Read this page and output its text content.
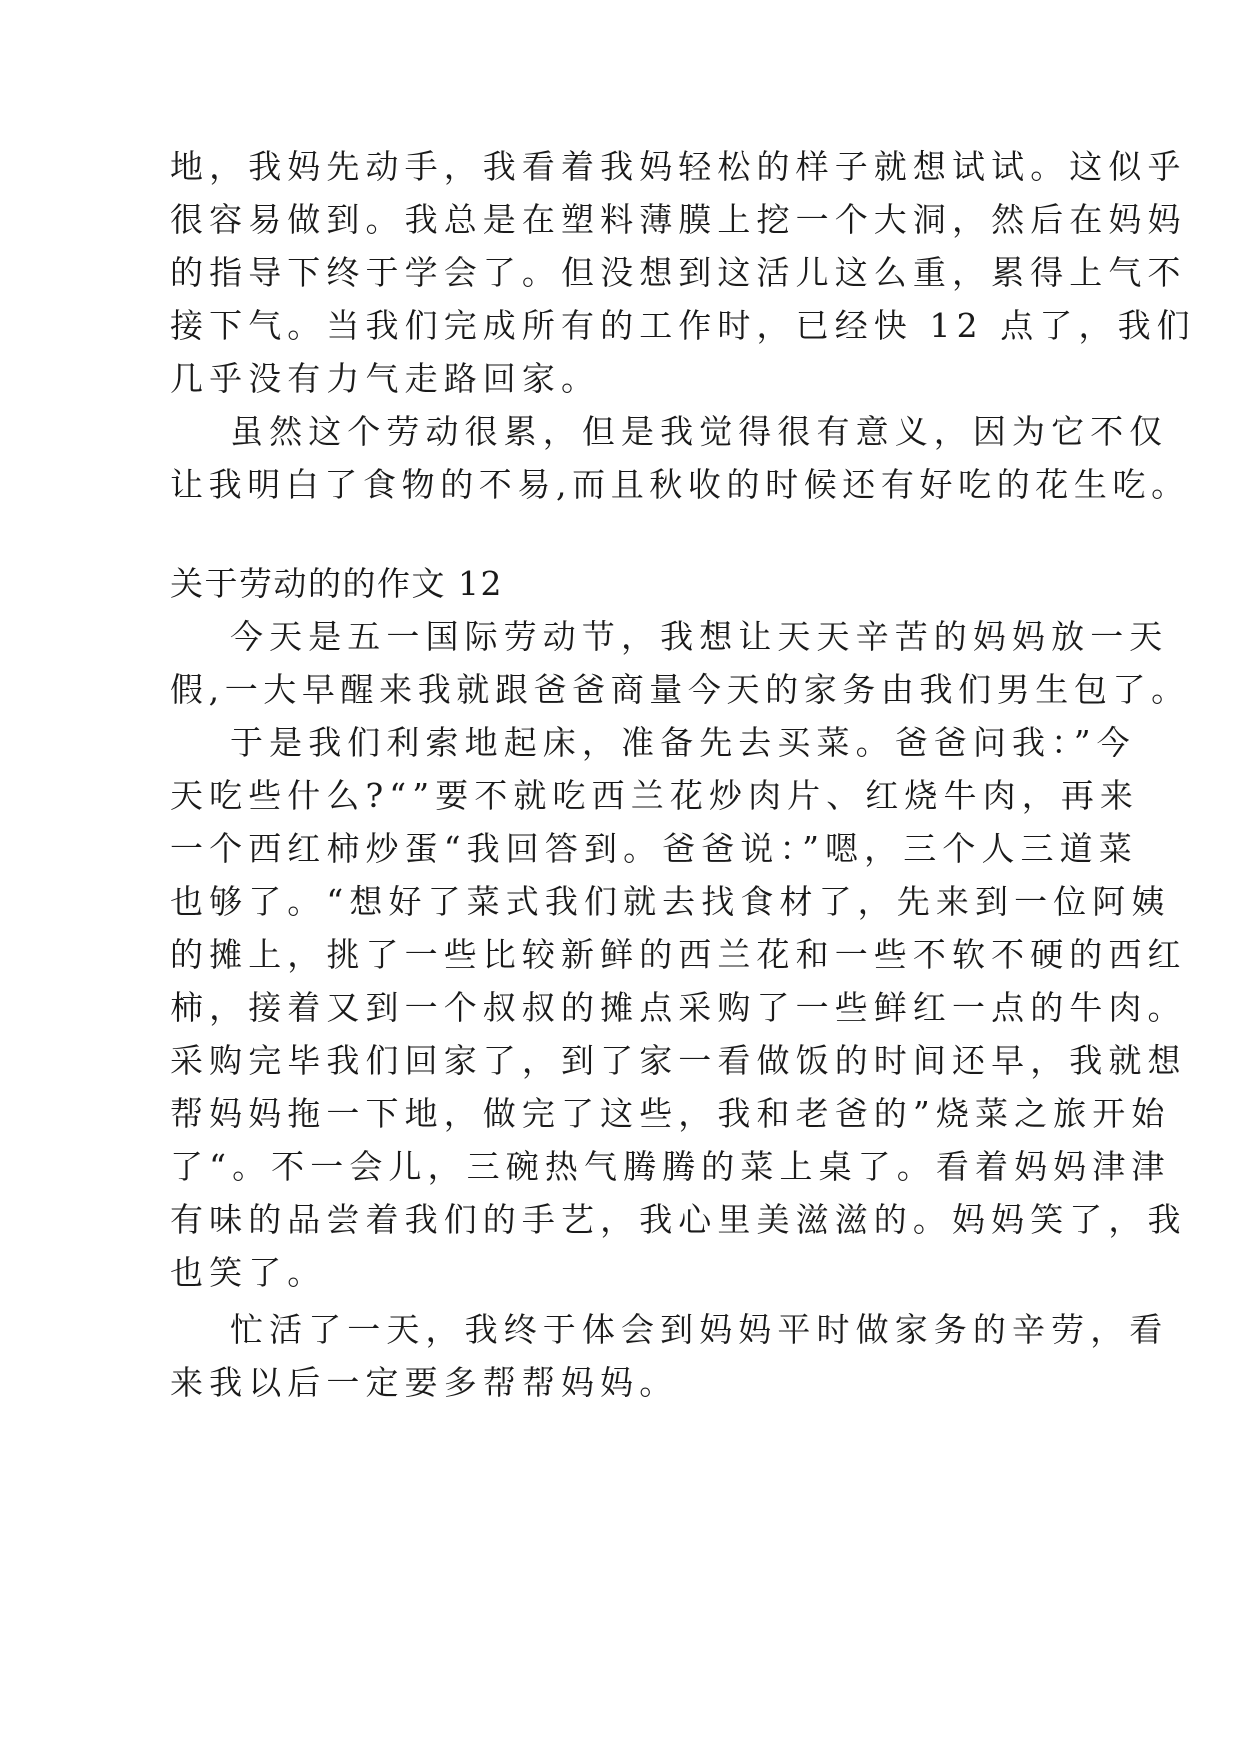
地，我妈先动手，我看着我妈轻松的样子就想试试。这似乎
很容易做到。我总是在塑料薄膜上挖一个大洞，然后在妈妈
的指导下终于学会了。但没想到这活儿这么重，累得上气不
接下气。当我们完成所有的工作时，已经快 12 点了，我们
几乎没有力气走路回家。
虽然这个劳动很累，但是我觉得很有意义，因为它不仅
让我明白了食物的不易,而且秋收的时候还有好吃的花生吃。
关于劳动的的作文 12
今天是五一国际劳动节，我想让天天辛苦的妈妈放一天
假,一大早醒来我就跟爸爸商量今天的家务由我们男生包了。
于是我们利索地起床，准备先去买菜。爸爸问我：”今
天吃些什么?“”要不就吃西兰花炒肉片、红烧牛肉，再来
一个西红柿炒蛋“我回答到。爸爸说：”嗯，三个人三道菜
也够了。“想好了菜式我们就去找食材了，先来到一位阿姨
的摊上，挑了一些比较新鲜的西兰花和一些不软不硬的西红
柿，接着又到一个叔叔的摊点采购了一些鲜红一点的牛肉。
采购完毕我们回家了，到了家一看做饭的时间还早，我就想
帮妈妈拖一下地，做完了这些，我和老爸的”烧菜之旅开始
了“。不一会儿，三碗热气腾腾的菜上桌了。看着妈妈津津
有味的品尝着我们的手艺，我心里美滋滋的。妈妈笑了，我
也笑了。
忙活了一天，我终于体会到妈妈平时做家务的辛劳，看
来我以后一定要多帮帮妈妈。
